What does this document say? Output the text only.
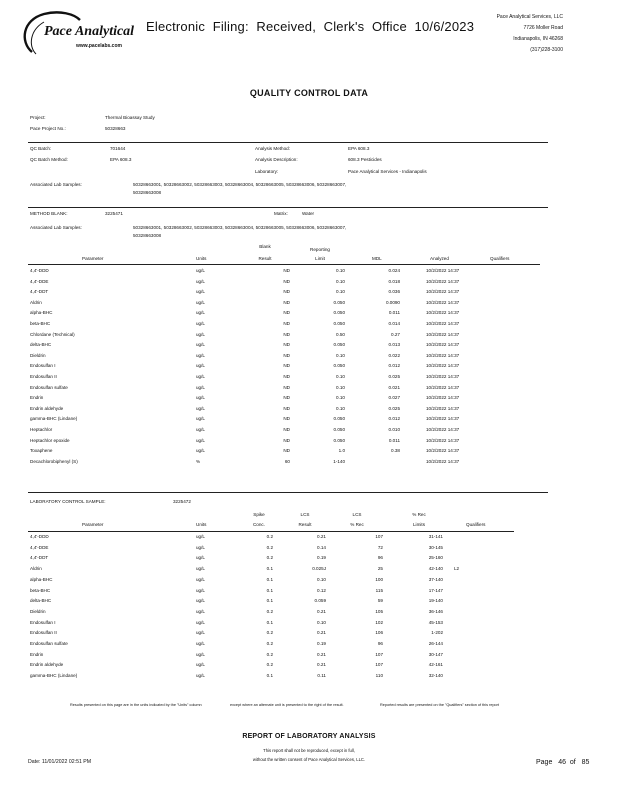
Pace Analytical
www.pacelabs.com
Electronic  Filing:  Received,  Clerk's  Office  10/6/2023
Pace Analytical Services, LLC
7726 Moller Road
Indianapolis, IN 46268
(317)228-3100
QUALITY CONTROL DATA
Project:	Thermal Bioassay Study
Pace Project No.:	50328663
QC Batch:	701644
QC Batch Method:	EPA 608.3
Analysis Method:	EPA 608.3
Analysis Description:	608.3 Pesticides
Laboratory:	Pace Analytical Services - Indianapolis
Associated Lab Samples:	50328663001, 50328663002, 50328663003, 50328663004, 50328663005, 50328663006, 50328663007,
50328663008
METHOD BLANK:	3225471	Matrix:	Water
Associated Lab Samples:	50328663001, 50328663002, 50328663003, 50328663004, 50328663005, 50328663006, 50328663007,
50328663008
Blank
Reporting
Parameter	Units	Result	Limit	MDL	Analyzed	Qualifiers
4,4'-DDD	ug/L	ND	0.10	0.024	10/2/2022 14:37
4,4'-DDE	ug/L	ND	0.10	0.018	10/2/2022 14:37
4,4'-DDT	ug/L	ND	0.10	0.036	10/2/2022 14:37
Aldrin	ug/L	ND	0.050	0.0090	10/2/2022 14:37
alpha-BHC	ug/L	ND	0.050	0.011	10/2/2022 14:37
beta-BHC	ug/L	ND	0.050	0.014	10/2/2022 14:37
Chlordane (Technical)	ug/L	ND	0.50	0.27	10/2/2022 14:37
delta-BHC	ug/L	ND	0.050	0.013	10/2/2022 14:37
Dieldrin	ug/L	ND	0.10	0.022	10/2/2022 14:37
Endosulfan I	ug/L	ND	0.050	0.012	10/2/2022 14:37
Endosulfan II	ug/L	ND	0.10	0.025	10/2/2022 14:37
Endosulfan sulfate	ug/L	ND	0.10	0.021	10/2/2022 14:37
Endrin	ug/L	ND	0.10	0.027	10/2/2022 14:37
Endrin aldehyde	ug/L	ND	0.10	0.025	10/2/2022 14:37
gamma-BHC (Lindane)	ug/L	ND	0.050	0.012	10/2/2022 14:37
Heptachlor	ug/L	ND	0.050	0.010	10/2/2022 14:37
Heptachlor epoxide	ug/L	ND	0.050	0.011	10/2/2022 14:37
Toxaphene	ug/L	ND	1.0	0.38	10/2/2022 14:37
Decachlorobiphenyl (S)	%	60	1-140	10/2/2022 14:37
LABORATORY CONTROL SAMPLE:	3225472
Spike	LCS	LCS	% Rec
Parameter	Units	Conc.	Result	% Rec	Limits	Qualifiers
4,4'-DDD	ug/L	0.2	0.21	107	31-141
4,4'-DDE	ug/L	0.2	0.14	72	30-145
4,4'-DDT	ug/L	0.2	0.19	96	25-160
Aldrin	ug/L	0.1	0.025J	25	42-140 L2
alpha-BHC	ug/L	0.1	0.10	100	37-140
beta-BHC	ug/L	0.1	0.12	115	17-147
delta-BHC	ug/L	0.1	0.059	59	19-140
Dieldrin	ug/L	0.2	0.21	105	36-146
Endosulfan I	ug/L	0.1	0.10	102	45-153
Endosulfan II	ug/L	0.2	0.21	106	1-202
Endosulfan sulfate	ug/L	0.2	0.19	96	26-144
Endrin	ug/L	0.2	0.21	107	30-147
Endrin aldehyde	ug/L	0.2	0.21	107	42-161
gamma-BHC (Lindane)	ug/L	0.1	0.11	110	32-140
Results presented on this page are in the units indicated by the "Units" column	except where an alternate unit is presented to the right of the result.	Reported results are presented on the "Qualifiers" section of this report
REPORT OF LABORATORY ANALYSIS
This report shall not be reproduced, except in full,
without the written consent of Pace Analytical Services, LLC.
Date: 11/01/2022 02:51 PM	Page 46 of 85
